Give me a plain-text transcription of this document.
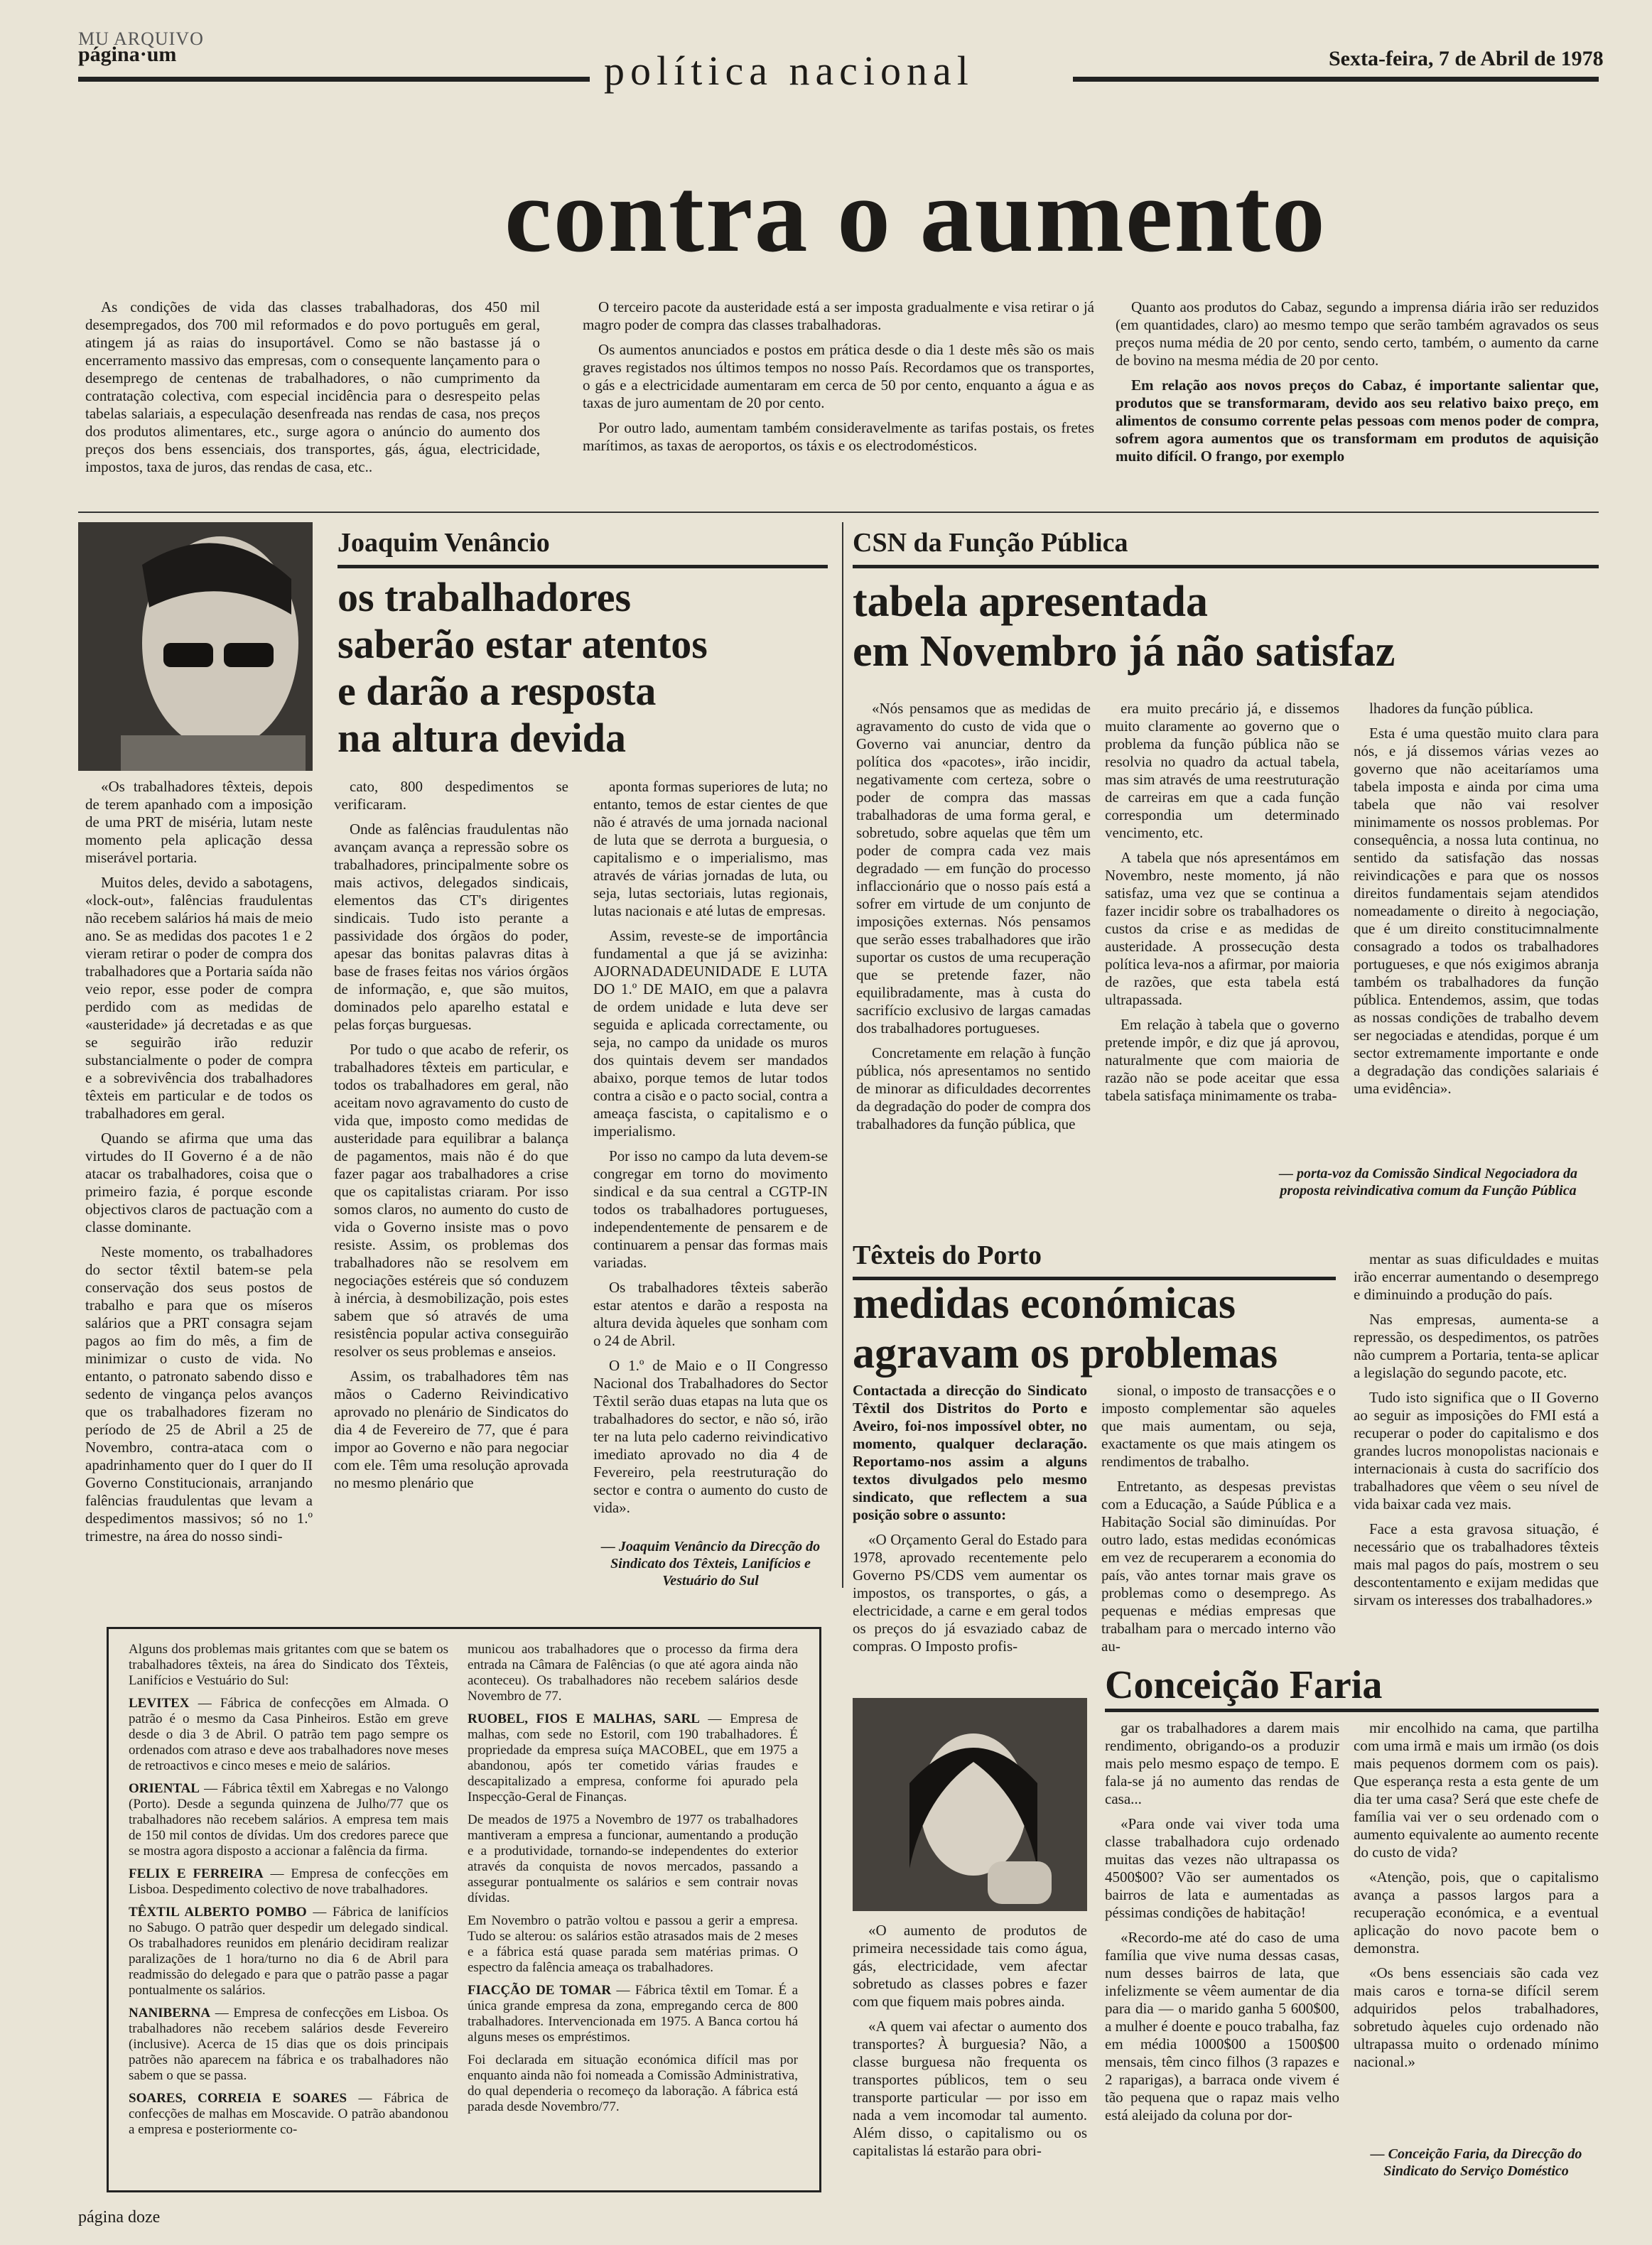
MU ARQUIVO
página·um	política nacional	Sexta-feira, 7 de Abril de 1978
contra o aumento

As condições de vida das classes trabalhadoras, dos 450 mil desempregados, dos 700 mil reformados e do povo português em geral, atingem já as raias do insuportável. Como se não bastasse já o encerramento massivo das empresas, com o consequente lançamento para o desemprego de centenas de trabalhadores, o não cumprimento da contratação colectiva, com especial incidência para o desrespeito pelas tabelas salariais, a especulação desenfreada nas rendas de casa, nos preços dos produtos alimentares, etc., surge agora o anúncio do aumento dos preços dos bens essenciais, dos transportes, gás, água, electricidade, impostos, taxa de juros, das rendas de casa, etc..

O terceiro pacote da austeridade está a ser imposta gradualmente e visa retirar o já magro poder de compra das classes trabalhadoras.

Os aumentos anunciados e postos em prática desde o dia 1 deste mês são os mais graves registados nos últimos tempos no nosso País. Recordamos que os transportes, o gás e a electricidade aumentaram em cerca de 50 por cento, enquanto a água e as taxas de juro aumentam de 20 por cento.

Por outro lado, aumentam também consideravelmente as tarifas postais, os fretes marítimos, as taxas de aeroportos, os táxis e os electrodomésticos.

Quanto aos produtos do Cabaz, segundo a imprensa diária irão ser reduzidos (em quantidades, claro) ao mesmo tempo que serão também agravados os seus preços numa média de 20 por cento, sendo certo, também, o aumento da carne de bovino na mesma média de 20 por cento.

Em relação aos novos preços do Cabaz, é importante salientar que, produtos que se transformaram, devido aos seu relativo baixo preço, em alimentos de consumo corrente pelas pessoas com menos poder de compra, sofrem agora aumentos que os transformam em produtos de aquisição muito difícil. O frango, por exemplo

Joaquim Venâncio
os trabalhadores
saberão estar atentos
e darão a resposta
na altura devida

«Os trabalhadores têxteis, depois de terem apanhado com a imposição de uma PRT de miséria, lutam neste momento pela aplicação dessa miserável portaria.

Muitos deles, devido a sabotagens, «lock-out», falências fraudulentas não recebem salários há mais de meio ano. Se as medidas dos pacotes 1 e 2 vieram retirar o poder de compra dos trabalhadores que a Portaria saída não veio repor, esse poder de compra perdido com as medidas de «austeridade» já decretadas e as que se seguirão irão reduzir substancialmente o poder de compra e a sobrevivência dos trabalhadores têxteis em particular e de todos os trabalhadores em geral.

Quando se afirma que uma das virtudes do II Governo é a de não atacar os trabalhadores, coisa que o primeiro fazia, é porque esconde objectivos claros de pactuação com a classe dominante.

Neste momento, os trabalhadores do sector têxtil batem-se pela conservação dos seus postos de trabalho e para que os míseros salários que a PRT consagra sejam pagos ao fim do mês, a fim de minimizar o custo de vida. No entanto, o patronato sabendo disso e sedento de vingança pelos avanços que os trabalhadores fizeram no período de 25 de Abril a 25 de Novembro, contra-ataca com o apadrinhamento quer do I quer do II Governo Constitucionais, arranjando falências fraudulentas que levam a despedimentos massivos; só no 1.º trimestre, na área do nosso sindi-

cato, 800 despedimentos se verificaram.

Onde as falências fraudulentas não avançam avança a repressão sobre os trabalhadores, principalmente sobre os mais activos, delegados sindicais, elementos das CT's dirigentes sindicais. Tudo isto perante a passividade dos órgãos do poder, apesar das bonitas palavras ditas à base de frases feitas nos vários órgãos de informação, e, que são muitos, dominados pelo aparelho estatal e pelas forças burguesas.

Por tudo o que acabo de referir, os trabalhadores têxteis em particular, e todos os trabalhadores em geral, não aceitam novo agravamento do custo de vida que, imposto como medidas de austeridade para equilibrar a balança de pagamentos, mais não é do que fazer pagar aos trabalhadores a crise que os capitalistas criaram. Por isso somos claros, no aumento do custo de vida o Governo insiste mas o povo resiste. Assim, os problemas dos trabalhadores não se resolvem em negociações estéreis que só conduzem à inércia, à desmobilização, pois estes sabem que só através de uma resistência popular activa conseguirão resolver os seus problemas e anseios.

Assim, os trabalhadores têm nas mãos o Caderno Reivindicativo aprovado no plenário de Sindicatos do dia 4 de Fevereiro de 77, que é para impor ao Governo e não para negociar com ele. Têm uma resolução aprovada no mesmo plenário que

aponta formas superiores de luta; no entanto, temos de estar cientes de que não é através de uma jornada nacional de luta que se derrota a burguesia, o capitalismo e o imperialismo, mas através de várias jornadas de luta, ou seja, lutas sectoriais, lutas regionais, lutas nacionais e até lutas de empresas.

Assim, reveste-se de importância fundamental a que já se avizinha: AJORNADADEUNIDADE E LUTA DO 1.º DE MAIO, em que a palavra de ordem unidade e luta deve ser seguida e aplicada correctamente, ou seja, no campo da unidade os muros dos quintais devem ser mandados abaixo, porque temos de lutar todos contra a cisão e o pacto social, contra a ameaça fascista, o capitalismo e o imperialismo.

Por isso no campo da luta devem-se congregar em torno do movimento sindical e da sua central a CGTP-IN todos os trabalhadores portugueses, independentemente de pensarem e de continuarem a pensar das formas mais variadas.

Os trabalhadores têxteis saberão estar atentos e darão a resposta na altura devida àqueles que sonham com o 24 de Abril.

O 1.º de Maio e o II Congresso Nacional dos Trabalhadores do Sector Têxtil serão duas etapas na luta que os trabalhadores do sector, e não só, irão ter na luta pelo caderno reivindicativo imediato aprovado no dia 4 de Fevereiro, pela reestruturação do sector e contra o aumento do custo de vida».

— Joaquim Venâncio da Direcção do Sindicato dos Têxteis, Lanifícios e Vestuário do Sul
CSN da Função Pública
tabela apresentada
em Novembro já não satisfaz

«Nós pensamos que as medidas de agravamento do custo de vida que o Governo vai anunciar, dentro da política dos «pacotes», irão incidir, negativamente com certeza, sobre o poder de compra das massas trabalhadoras de uma forma geral, e sobretudo, sobre aquelas que têm um poder de compra cada vez mais degradado — em função do processo inflaccionário que o nosso país está a sofrer em virtude de um conjunto de imposições externas. Nós pensamos que serão esses trabalhadores que irão suportar os custos de uma recuperação que se pretende fazer, não equilibradamente, mas à custa do sacrifício exclusivo de largas camadas dos trabalhadores portugueses.

Concretamente em relação à função pública, nós apresentamos no sentido de minorar as dificuldades decorrentes da degradação do poder de compra dos trabalhadores da função pública, que

era muito precário já, e dissemos muito claramente ao governo que o problema da função pública não se resolvia no quadro da actual tabela, mas sim através de uma reestruturação de carreiras em que a cada função correspondia um determinado vencimento, etc.

A tabela que nós apresentámos em Novembro, neste momento, já não satisfaz, uma vez que se continua a fazer incidir sobre os trabalhadores os custos da crise e as medidas de austeridade. A prossecução desta política leva-nos a afirmar, por maioria de razões, que esta tabela está ultrapassada.

Em relação à tabela que o governo pretende impôr, e diz que já aprovou, naturalmente que com maioria de razão não se pode aceitar que essa tabela satisfaça minimamente os traba-

lhadores da função pública.

Esta é uma questão muito clara para nós, e já dissemos várias vezes ao governo que não aceitaríamos uma tabela imposta e ainda por cima uma tabela que não vai resolver minimamente os nossos problemas. Por consequência, a nossa luta continua, no sentido da satisfação das nossas reivindicações e para que os nossos direitos fundamentais sejam atendidos nomeadamente o direito à negociação, que é um direito constitucimnalmente consagrado a todos os trabalhadores portugueses, e que nós exigimos abranja também os trabalhadores da função pública. Entendemos, assim, que todas as nossas condições de trabalho devem ser negociadas e atendidas, porque é um sector extremamente importante e onde a degradação das condições salariais é uma evidência».

— porta-voz da Comissão Sindical Negociadora da proposta reivindicativa comum da Função Pública
Têxteis do Porto
medidas económicas
agravam os problemas

Contactada a direcção do Sindicato Têxtil dos Distritos do Porto e Aveiro, foi-nos impossível obter, no momento, qualquer declaração. Reportamo-nos assim a alguns textos divulgados pelo mesmo sindicato, que reflectem a sua posição sobre o assunto:

«O Orçamento Geral do Estado para 1978, aprovado recentemente pelo Governo PS/CDS vem aumentar os impostos, os transportes, o gás, a electricidade, a carne e em geral todos os preços do já esvaziado cabaz de compras. O Imposto profis-

sional, o imposto de transacções e o imposto complementar são aqueles que mais aumentam, ou seja, exactamente os que mais atingem os rendimentos de trabalho.

Entretanto, as despesas previstas com a Educação, a Saúde Pública e a Habitação Social são diminuídas. Por outro lado, estas medidas económicas em vez de recuperarem a economia do país, vão antes tornar mais grave os problemas como o desemprego. As pequenas e médias empresas que trabalham para o mercado interno vão au-

mentar as suas dificuldades e muitas irão encerrar aumentando o desemprego e diminuindo a produção do país.

Nas empresas, aumenta-se a repressão, os despedimentos, os patrões não cumprem a Portaria, tenta-se aplicar a legislação do segundo pacote, etc.

Tudo isto significa que o II Governo ao seguir as imposições do FMI está a recuperar o poder do capitalismo e dos grandes lucros monopolistas nacionais e internacionais à custa do sacrifício dos trabalhadores que vêem o seu nível de vida baixar cada vez mais.

Face a esta gravosa situação, é necessário que os trabalhadores têxteis mais mal pagos do país, mostrem o seu descontentamento e exijam medidas que sirvam os interesses dos trabalhadores.»

Alguns dos problemas mais gritantes com que se batem os trabalhadores têxteis, na área do Sindicato dos Têxteis, Lanifícios e Vestuário do Sul:

LEVITEX — Fábrica de confecções em Almada. O patrão é o mesmo da Casa Pinheiros. Estão em greve desde o dia 3 de Abril. O patrão tem pago sempre os ordenados com atraso e deve aos trabalhadores nove meses de retroactivos e cinco meses e meio de salários.

ORIENTAL — Fábrica têxtil em Xabregas e no Valongo (Porto). Desde a segunda quinzena de Julho/77 que os trabalhadores não recebem salários. A empresa tem mais de 150 mil contos de dívidas. Um dos credores parece que se mostra agora disposto a accionar a falência da firma.

FELIX E FERREIRA — Empresa de confecções em Lisboa. Despedimento colectivo de nove trabalhadores.

TÊXTIL ALBERTO POMBO — Fábrica de lanifícios no Sabugo. O patrão quer despedir um delegado sindical. Os trabalhadores reunidos em plenário decidiram realizar paralizações de 1 hora/turno no dia 6 de Abril para readmissão do delegado e para que o patrão passe a pagar pontualmente os salários.

NANIBERNA — Empresa de confecções em Lisboa. Os trabalhadores não recebem salários desde Fevereiro (inclusive). Acerca de 15 dias que os dois principais patrões não aparecem na fábrica e os trabalhadores não sabem o que se passa.

SOARES, CORREIA E SOARES — Fábrica de confecções de malhas em Moscavide. O patrão abandonou a empresa e posteriormente co-

municou aos trabalhadores que o processo da firma dera entrada na Câmara de Falências (o que até agora ainda não aconteceu). Os trabalhadores não recebem salários desde Novembro de 77.

RUOBEL, FIOS E MALHAS, SARL — Empresa de malhas, com sede no Estoril, com 190 trabalhadores. É propriedade da empresa suíça MACOBEL, que em 1975 a abandonou, após ter cometido várias fraudes e descapitalizado a empresa, conforme foi apurado pela Inspecção-Geral de Finanças.

De meados de 1975 a Novembro de 1977 os trabalhadores mantiveram a empresa a funcionar, aumentando a produção e a produtividade, tornando-se independentes do exterior através da conquista de novos mercados, passando a assegurar pontualmente os salários e sem contrair novas dívidas.

Em Novembro o patrão voltou e passou a gerir a empresa. Tudo se alterou: os salários estão atrasados mais de 2 meses e a fábrica está quase parada sem matérias primas. O espectro da falência ameaça os trabalhadores.

FIACÇÃO DE TOMAR — Fábrica têxtil em Tomar. É a única grande empresa da zona, empregando cerca de 800 trabalhadores. Intervencionada em 1975. A Banca cortou há alguns meses os empréstimos.

Foi declarada em situação económica difícil mas por enquanto ainda não foi nomeada a Comissão Administrativa, do qual dependeria o recomeço da laboração. A fábrica está parada desde Novembro/77.

Conceição Faria

«O aumento de produtos de primeira necessidade tais como água, gás, electricidade, vem afectar sobretudo as classes pobres e fazer com que fiquem mais pobres ainda.

«A quem vai afectar o aumento dos transportes? À burguesia? Não, a classe burguesa não frequenta os transportes públicos, tem o seu transporte particular — por isso em nada a vem incomodar tal aumento. Além disso, o capitalismo ou os capitalistas lá estarão para obri-

gar os trabalhadores a darem mais rendimento, obrigando-os a produzir mais pelo mesmo espaço de tempo. E fala-se já no aumento das rendas de casa...

«Para onde vai viver toda uma classe trabalhadora cujo ordenado muitas das vezes não ultrapassa os 4500$00? Vão ser aumentados os bairros de lata e aumentadas as péssimas condições de habitação!

«Recordo-me até do caso de uma família que vive numa dessas casas, num desses bairros de lata, que infelizmente se vêem aumentar de dia para dia — o marido ganha 5 600$00, a mulher é doente e pouco trabalha, faz em média 1000$00 a 1500$00 mensais, têm cinco filhos (3 rapazes e 2 raparigas), a barraca onde vivem é tão pequena que o rapaz mais velho está aleijado da coluna por dor-

mir encolhido na cama, que partilha com uma irmã e mais um irmão (os dois mais pequenos dormem com os pais). Que esperança resta a esta gente de um dia ter uma casa? Será que este chefe de família vai ver o seu ordenado com o aumento equivalente ao aumento recente do custo de vida?

«Atenção, pois, que o capitalismo avança a passos largos para a recuperação económica, e a eventual aplicação do novo pacote bem o demonstra.

«Os bens essenciais são cada vez mais caros e torna-se difícil serem adquiridos pelos trabalhadores, sobretudo àqueles cujo ordenado não ultrapassa muito o ordenado mínimo nacional.»

— Conceição Faria, da Direcção do Sindicato do Serviço Doméstico
página doze
